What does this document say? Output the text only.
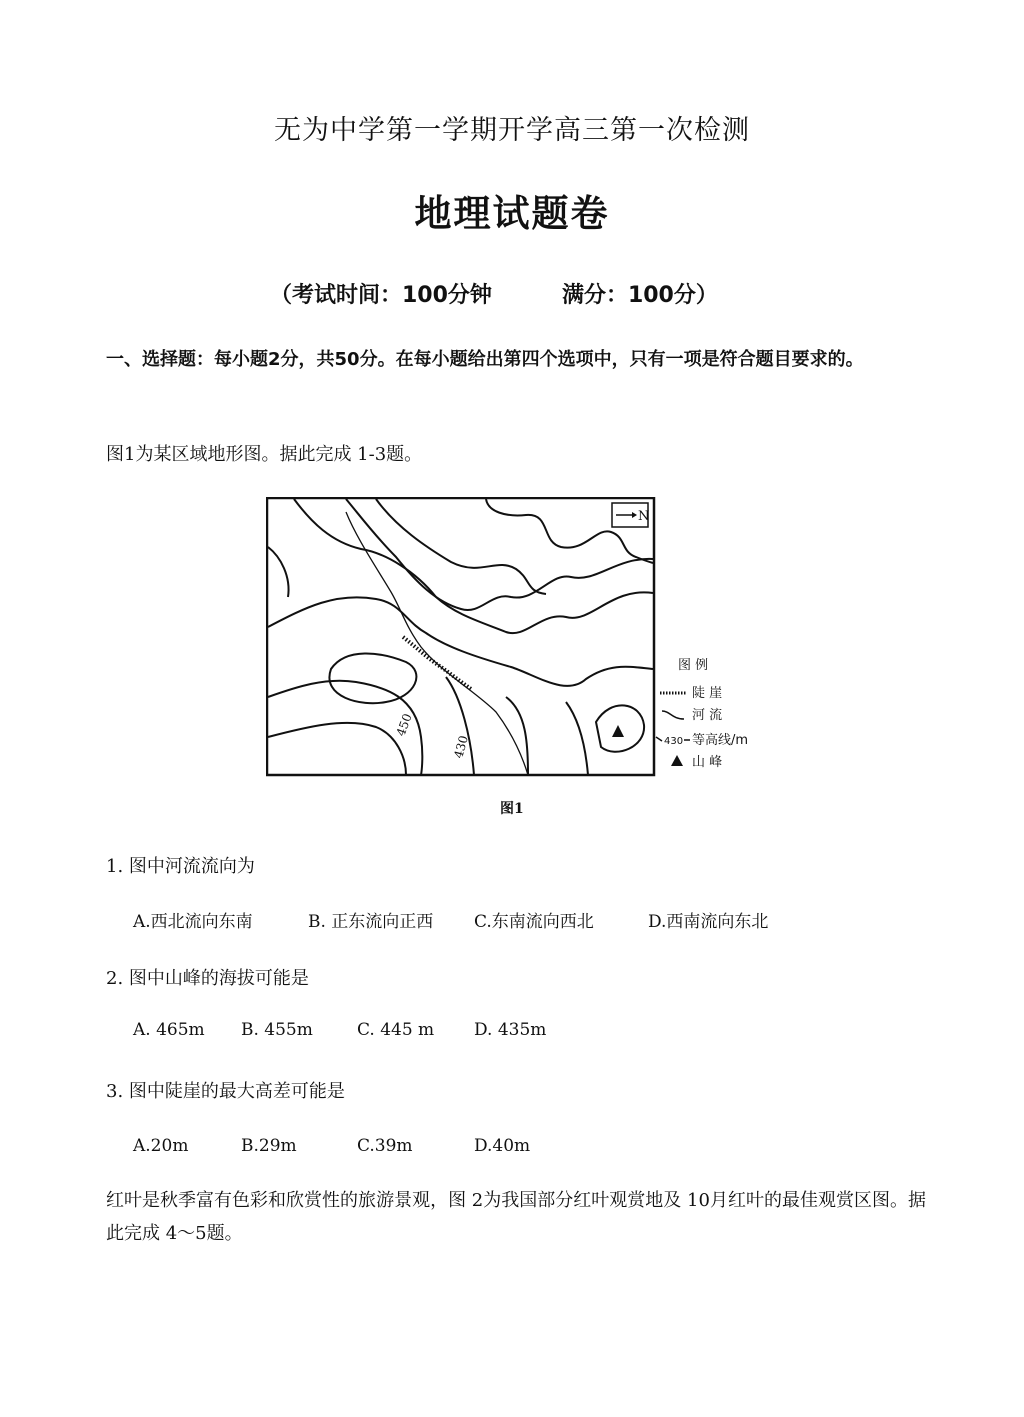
无为中学第一学期开学高三第一次检测
地理试题卷
（考试时间：100分钟	满分：100分）
一、选择题：每小题2分，共50分。在每小题给出第四个选项中，只有一项是符合题目要求的。
图1为某区域地形图。据此完成 1-3题。
N
450
430
图 例
陡 崖
河 流
430 等高线/m
山 峰
图1
1. 图中河流流向为
A.西北流向东南	B. 正东流向正西 C.东南流向西北	D.西南流向东北
2. 图中山峰的海拔可能是
A. 465m B. 455m	C. 445 m D. 435m
3. 图中陡崖的最大高差可能是
A.20m	B.29m	C.39m	D.40m
红叶是秋季富有色彩和欣赏性的旅游景观，图 2为我国部分红叶观赏地及 10月红叶的最佳观赏区图。据此完成 4～5题。
